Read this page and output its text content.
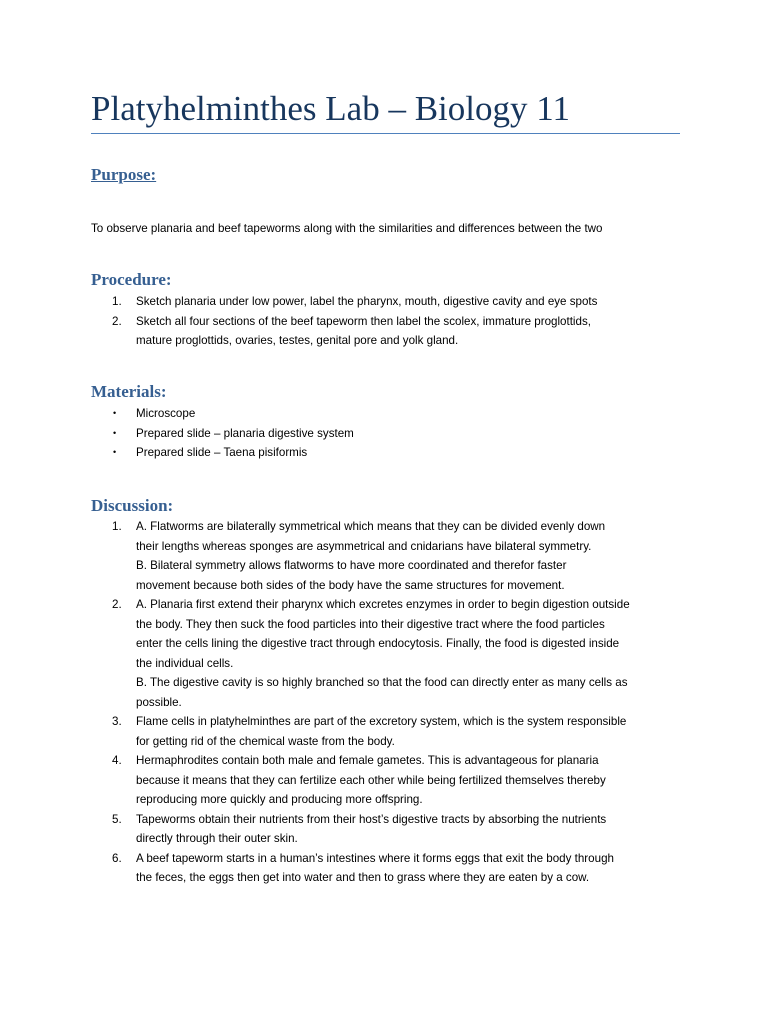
Platyhelminthes Lab – Biology 11
Purpose:
To observe planaria and beef tapeworms along with the similarities and differences between the two
Procedure:
1.	Sketch planaria under low power, label the pharynx, mouth, digestive cavity and eye spots
2.	Sketch all four sections of the beef tapeworm then label the scolex, immature proglottids,
mature proglottids, ovaries, testes, genital pore and yolk gland.
Materials:
•	Microscope
•	Prepared slide – planaria digestive system
•	Prepared slide – Taena pisiformis
Discussion:
1.	A. Flatworms are bilaterally symmetrical which means that they can be divided evenly down
their lengths whereas sponges are asymmetrical and cnidarians have bilateral symmetry.
B. Bilateral symmetry allows flatworms to have more coordinated and therefor faster
movement because both sides of the body have the same structures for movement.
2.	A. Planaria first extend their pharynx which excretes enzymes in order to begin digestion outside
the body. They then suck the food particles into their digestive tract where the food particles
enter the cells lining the digestive tract through endocytosis. Finally, the food is digested inside
the individual cells.
B. The digestive cavity is so highly branched so that the food can directly enter as many cells as
possible.
3.	Flame cells in platyhelminthes are part of the excretory system, which is the system responsible
for getting rid of the chemical waste from the body.
4.	Hermaphrodites contain both male and female gametes. This is advantageous for planaria
because it means that they can fertilize each other while being fertilized themselves thereby
reproducing more quickly and producing more offspring.
5.	Tapeworms obtain their nutrients from their host’s digestive tracts by absorbing the nutrients
directly through their outer skin.
6.	A beef tapeworm starts in a human’s intestines where it forms eggs that exit the body through
the feces, the eggs then get into water and then to grass where they are eaten by a cow.
